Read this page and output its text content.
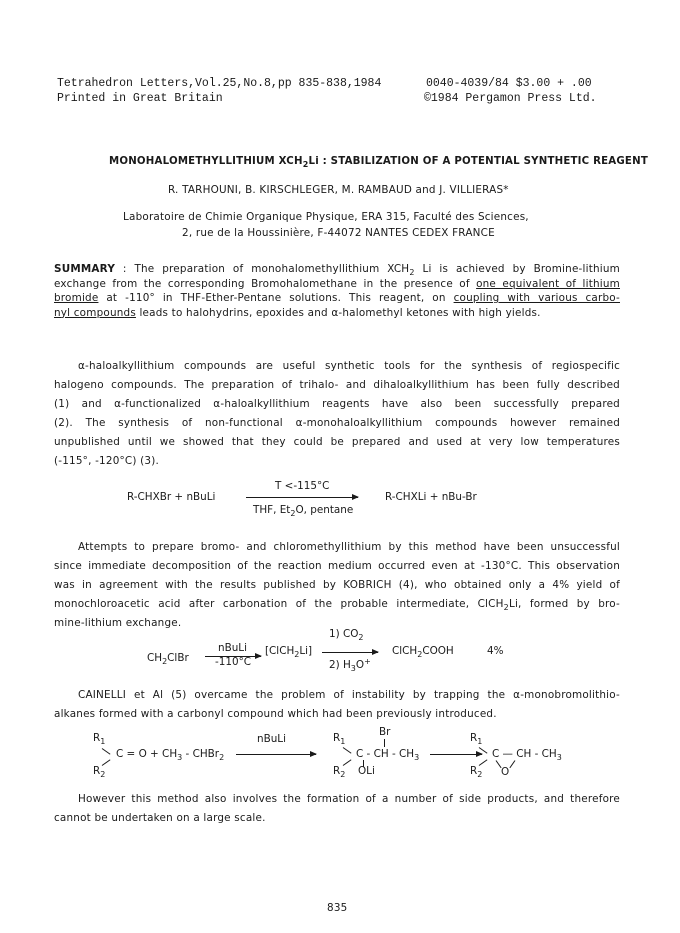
Tetrahedron Letters,Vol.25,No.8,pp 835-838,1984
Printed in Great Britain
0040-4039/84 $3.00 + .00
©1984 Pergamon Press Ltd.
MONOHALOMETHYLLITHIUM $XCH_2Li$ : STABILIZATION OF A POTENTIAL SYNTHETIC REAGENT
R. TARHOUNI, B. KIRSCHLEGER, M. RAMBAUD and J. VILLIERAS*
Laboratoire de Chimie Organique Physique, ERA 315, Faculté des Sciences,
2, rue de la Houssinière, F-44072 NANTES CEDEX FRANCE
SUMMARY : The preparation of monohalomethyllithium $XCH_2$ Li is achieved by Bromine-lithium
exchange from the corresponding Bromohalomethane in the presence of one equivalent of lithium
bromide at -110° in THF-Ether-Pentane solutions. This reagent, on coupling with various carbo-
nyl compounds leads to halohydrins, epoxides and α-halomethyl ketones with high yields.
α-haloalkyllithium compounds are useful synthetic tools for the synthesis of regiospecific
halogeno compounds. The preparation of trihalo- and dihaloalkyllithium has been fully described
(1) and α-functionalized α-haloalkyllithium reagents have also been successfully prepared
(2). The synthesis of non-functional α-monohaloalkyllithium compounds however remained
unpublished until we showed that they could be prepared and used at very low temperatures
(-115°, -120°C) (3).
R-CHXBr + nBuLi
T <-115°C
THF, $Et_2O$, pentane
R-CHXLi + nBu-Br
Attempts to prepare bromo- and chloromethyllithium by this method have been unsuccessful
since immediate decomposition of the reaction medium occurred even at -130°C. This observation
was in agreement with the results published by KOBRICH (4), who obtained only a 4% yield of
monochloroacetic acid after carbonation of the probable intermediate, ClCH$_2$Li, formed by bro-
mine-lithium exchange.
$CH_2ClBr$
nBuLi
-110°C
[ClCH$_2$Li]
1) $CO_2$
2) $H_3O^+$
ClCH$_2$COOH	4%
CAINELLI et Al (5) overcame the problem of instability by trapping the α-monobromolithio-
alkanes formed with a carbonyl compound which had been previously introduced.
$R_1$
$C = O + CH_3$ - CHBr$_2$
$R_2$
nBuLi	$R_1$
Br
C - CH - $CH_3$
$R_2$ OLi
$R_1$
C — CH - $CH_3$
$R_2$ O
However this method also involves the formation of a number of side products, and therefore
cannot be undertaken on a large scale.
835
